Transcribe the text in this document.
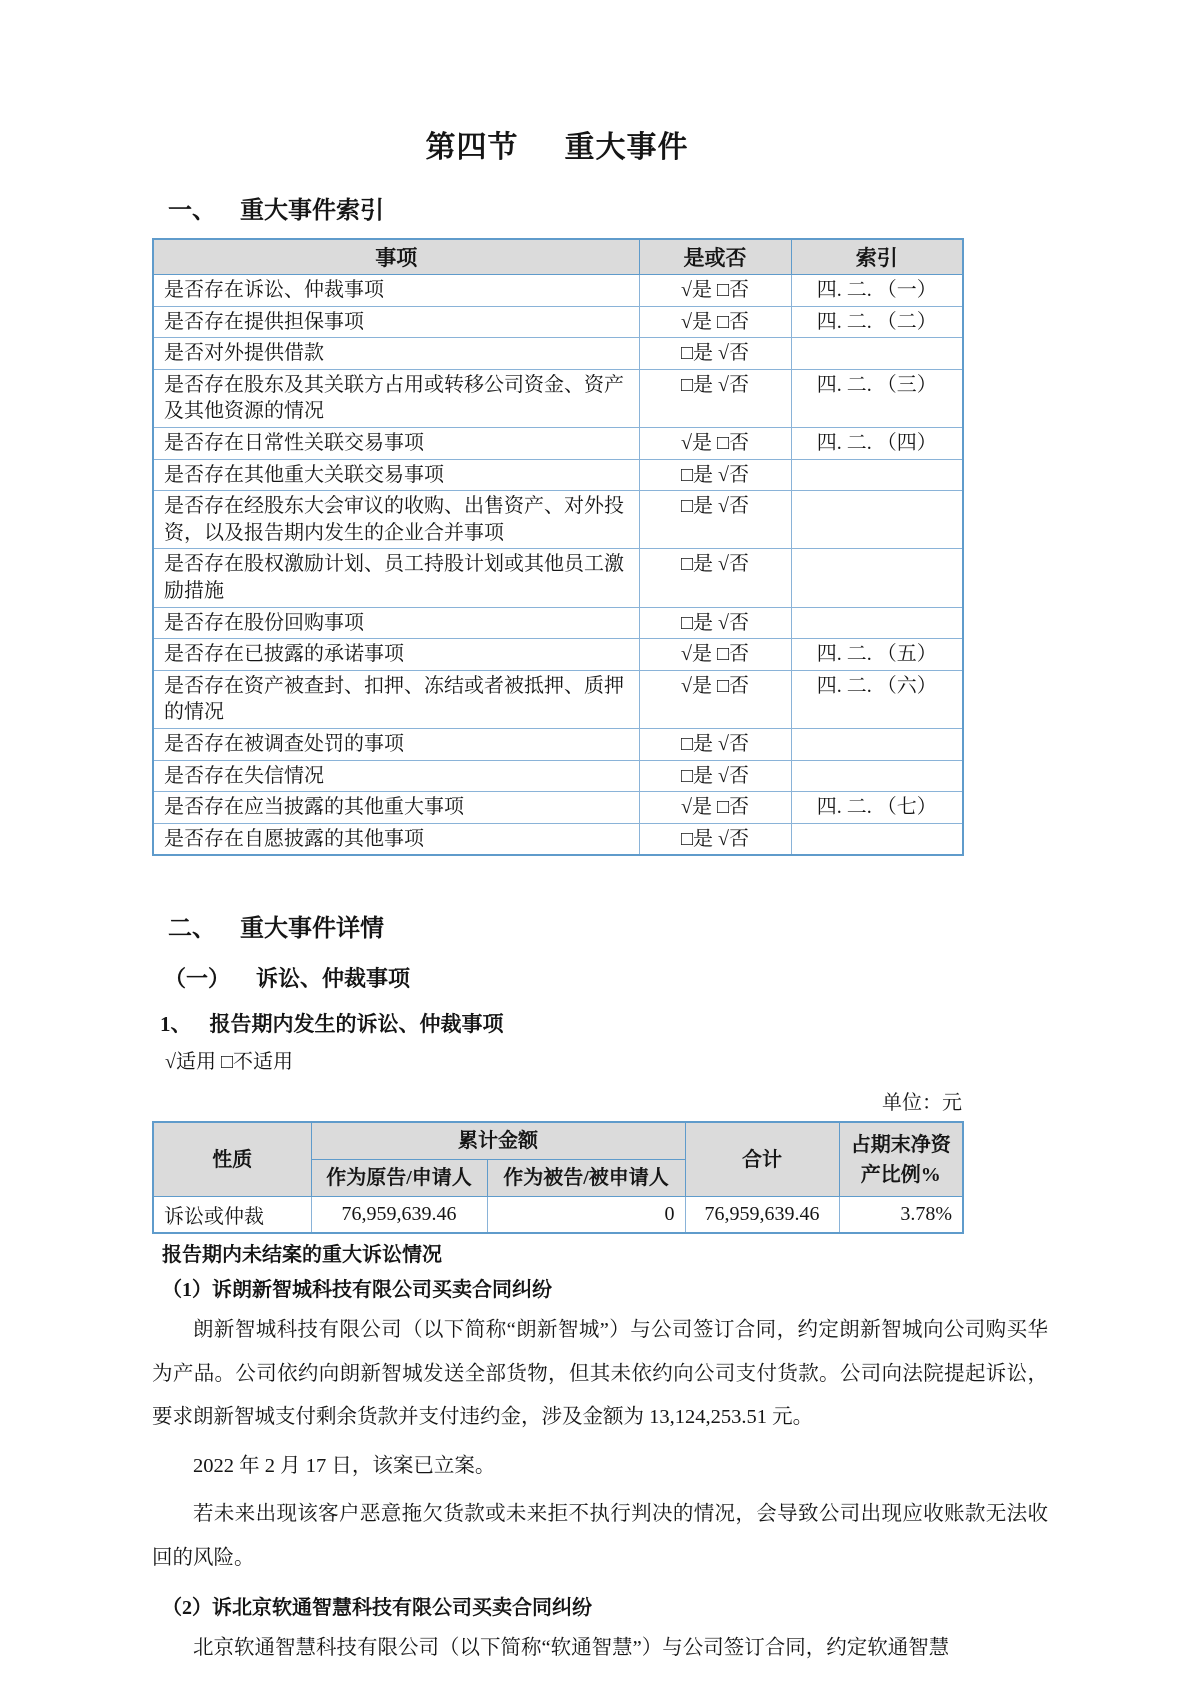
第四节 重大事件
一、 重大事件索引
事项	是或否	索引
是否存在诉讼、仲裁事项	√是 □否	四. 二. （一）
是否存在提供担保事项	√是 □否	四. 二. （二）
是否对外提供借款	□是 √否	
是否存在股东及其关联方占用或转移公司资金、资产及其他资源的情况	□是 √否	四. 二. （三）
是否存在日常性关联交易事项	√是 □否	四. 二. （四）
是否存在其他重大关联交易事项	□是 √否	
是否存在经股东大会审议的收购、出售资产、对外投资，以及报告期内发生的企业合并事项	□是 √否	
是否存在股权激励计划、员工持股计划或其他员工激励措施	□是 √否	
是否存在股份回购事项	□是 √否	
是否存在已披露的承诺事项	√是 □否	四. 二. （五）
是否存在资产被查封、扣押、冻结或者被抵押、质押的情况	√是 □否	四. 二. （六）
是否存在被调查处罚的事项	□是 √否	
是否存在失信情况	□是 √否	
是否存在应当披露的其他重大事项	√是 □否	四. 二. （七）
是否存在自愿披露的其他事项	□是 √否	
二、 重大事件详情
（一） 诉讼、仲裁事项
1、 报告期内发生的诉讼、仲裁事项
√适用 □不适用
单位：元
性质	累计金额		合计	占期末净资产比例%
	作为原告/申请人	作为被告/被申请人		
诉讼或仲裁	76,959,639.46	0	76,959,639.46	3.78%
报告期内未结案的重大诉讼情况
（1）诉朗新智城科技有限公司买卖合同纠纷

朗新智城科技有限公司（以下简称“朗新智城”）与公司签订合同，约定朗新智城向公司购买华为产品。公司依约向朗新智城发送全部货物，但其未依约向公司支付货款。公司向法院提起诉讼，要求朗新智城支付剩余货款并支付违约金，涉及金额为 13,124,253.51 元。

2022 年 2 月 17 日，该案已立案。

若未来出现该客户恶意拖欠货款或未来拒不执行判决的情况，会导致公司出现应收账款无法收回的风险。

（2）诉北京软通智慧科技有限公司买卖合同纠纷

北京软通智慧科技有限公司（以下简称“软通智慧”）与公司签订合同，约定软通智慧
